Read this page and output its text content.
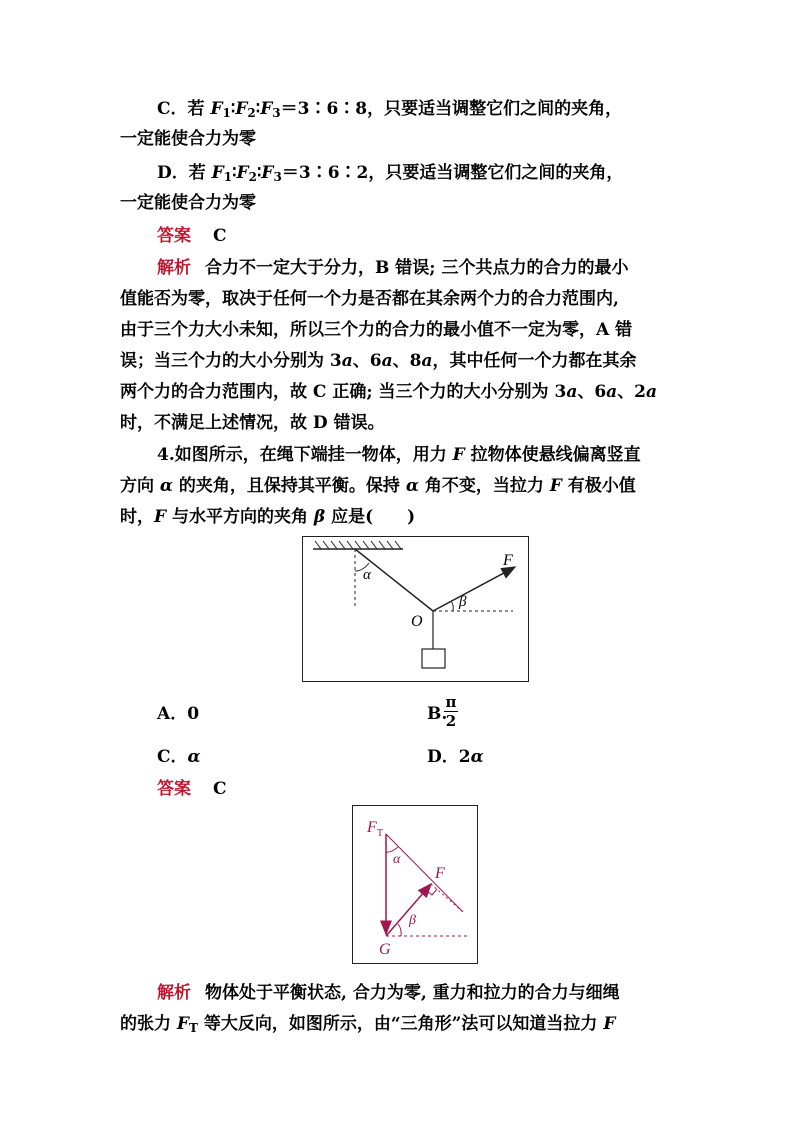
C．若 $F_1∶F_2∶F_3=3∶6∶8$，只要适当调整它们之间的夹角，
一定能使合力为零
D．若 $F_1∶F_2∶F_3=3∶6∶2$，只要适当调整它们之间的夹角，
一定能使合力为零
答案 C
解析 合力不一定大于分力，B 错误; 三个共点力的合力的最小
值能否为零，取决于任何一个力是否都在其余两个力的合力范围内,
由于三个力大小未知，所以三个力的合力的最小值不一定为零，A 错
误；当三个力的大小分别为 3a、6a、8a，其中任何一个力都在其余
两个力的合力范围内，故 C 正确; 当三个力的大小分别为 3a、6a、2a
时，不满足上述情况，故 D 错误。
4.如图所示，在绳下端挂一物体，用力 F 拉物体使悬线偏离竖直
方向 α 的夹角，且保持其平衡。保持 α 角不变，当拉力 F 有极小值
时，F 与水平方向的夹角 β 应是(　　)
α
β
F
O
A．0	B.
π
2
C．α	D．2α
答案 C
F T
α
F
β
G
解析 物体处于平衡状态, 合力为零, 重力和拉力的合力与细绳
的张力 $F_T$ 等大反向，如图所示，由“三角形”法可以知道当拉力 F
